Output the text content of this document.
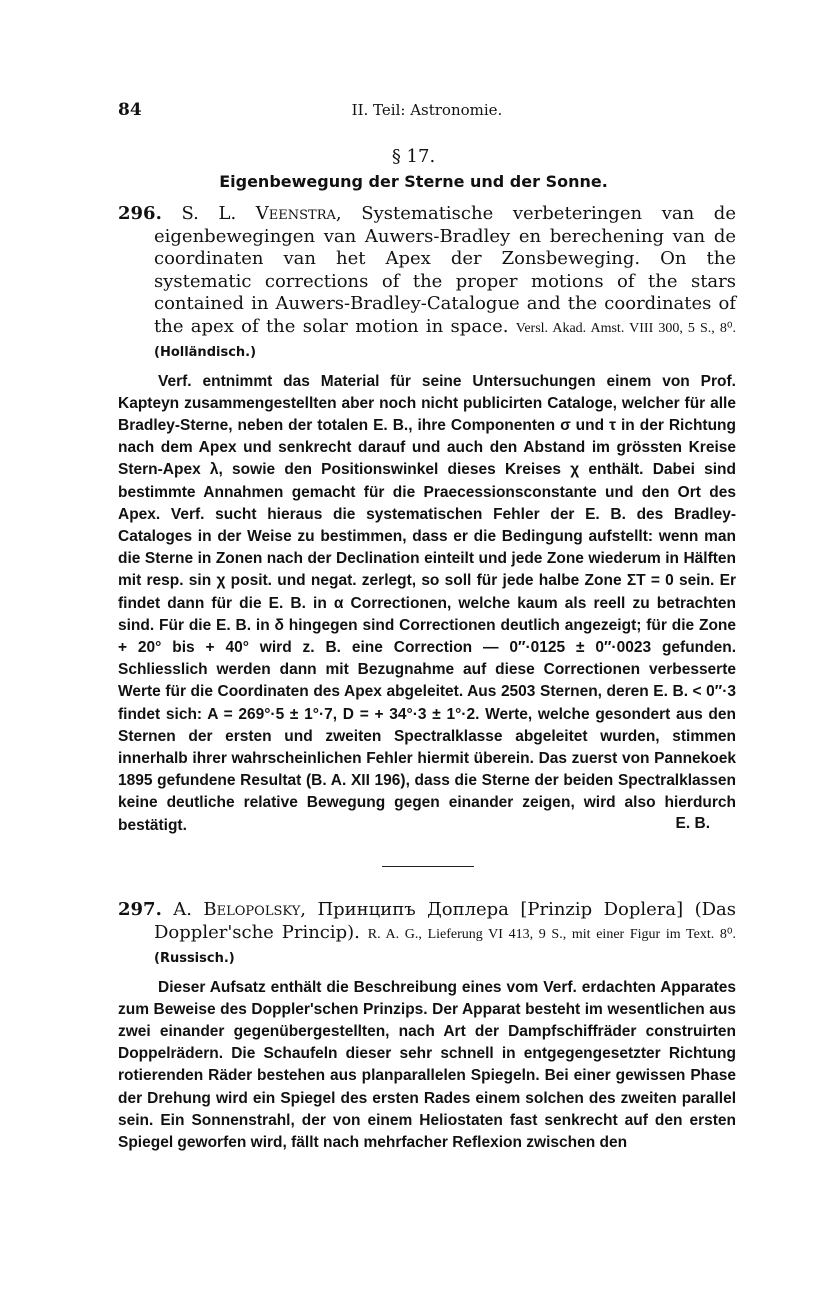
84	II. Teil: Astronomie.
§ 17.
Eigenbewegung der Sterne und der Sonne.

296. S. L. Veenstra, Systematische verbeteringen van de eigenbewegingen van Auwers-Bradley en berechening van de coordinaten van het Apex der Zonsbeweging. On the systematic corrections of the proper motions of the stars contained in Auwers-Bradley-Catalogue and the coordinates of the apex of the solar motion in space. Versl. Akad. Amst. VIII 300, 5 S., 8⁰. (Holländisch.)

Verf. entnimmt das Material für seine Untersuchungen einem von Prof. Kapteyn zusammengestellten aber noch nicht publicirten Cataloge, welcher für alle Bradley-Sterne, neben der totalen E. B., ihre Componenten σ und τ in der Richtung nach dem Apex und senkrecht darauf und auch den Abstand im grössten Kreise Stern-Apex λ, sowie den Positionswinkel dieses Kreises χ enthält. Dabei sind bestimmte Annahmen gemacht für die Praecessionsconstante und den Ort des Apex. Verf. sucht hieraus die systematischen Fehler der E. B. des Bradley-Cataloges in der Weise zu bestimmen, dass er die Bedingung aufstellt: wenn man die Sterne in Zonen nach der Declination einteilt und jede Zone wiederum in Hälften mit resp. sin χ posit. und negat. zerlegt, so soll für jede halbe Zone ΣT = 0 sein. Er findet dann für die E. B. in α Correctionen, welche kaum als reell zu betrachten sind. Für die E. B. in δ hingegen sind Correctionen deutlich angezeigt; für die Zone + 20° bis + 40° wird z. B. eine Correction — 0″·0125 ± 0″·0023 gefunden. Schliesslich werden dann mit Bezugnahme auf diese Correctionen verbesserte Werte für die Coordinaten des Apex abgeleitet. Aus 2503 Sternen, deren E. B. < 0″·3 findet sich: A = 269°·5 ± 1°·7, D = + 34°·3 ± 1°·2. Werte, welche gesondert aus den Sternen der ersten und zweiten Spectralklasse abgeleitet wurden, stimmen innerhalb ihrer wahrscheinlichen Fehler hiermit überein. Das zuerst von Pannekoek 1895 gefundene Resultat (B. A. XII 196), dass die Sterne der beiden Spectralklassen keine deutliche relative Bewegung gegen einander zeigen, wird also hierdurch bestätigt.	E. B.

297. A. Belopolsky, Принципъ Доплера [Prinzip Doplera] (Das Doppler'sche Princip). R. A. G., Lieferung VI 413, 9 S., mit einer Figur im Text. 8⁰. (Russisch.)

Dieser Aufsatz enthält die Beschreibung eines vom Verf. erdachten Apparates zum Beweise des Doppler'schen Prinzips. Der Apparat besteht im wesentlichen aus zwei einander gegenübergestellten, nach Art der Dampfschiffräder construirten Doppelrädern. Die Schaufeln dieser sehr schnell in entgegengesetzter Richtung rotierenden Räder bestehen aus planparallelen Spiegeln. Bei einer gewissen Phase der Drehung wird ein Spiegel des ersten Rades einem solchen des zweiten parallel sein. Ein Sonnenstrahl, der von einem Heliostaten fast senkrecht auf den ersten Spiegel geworfen wird, fällt nach mehrfacher Reflexion zwischen den
